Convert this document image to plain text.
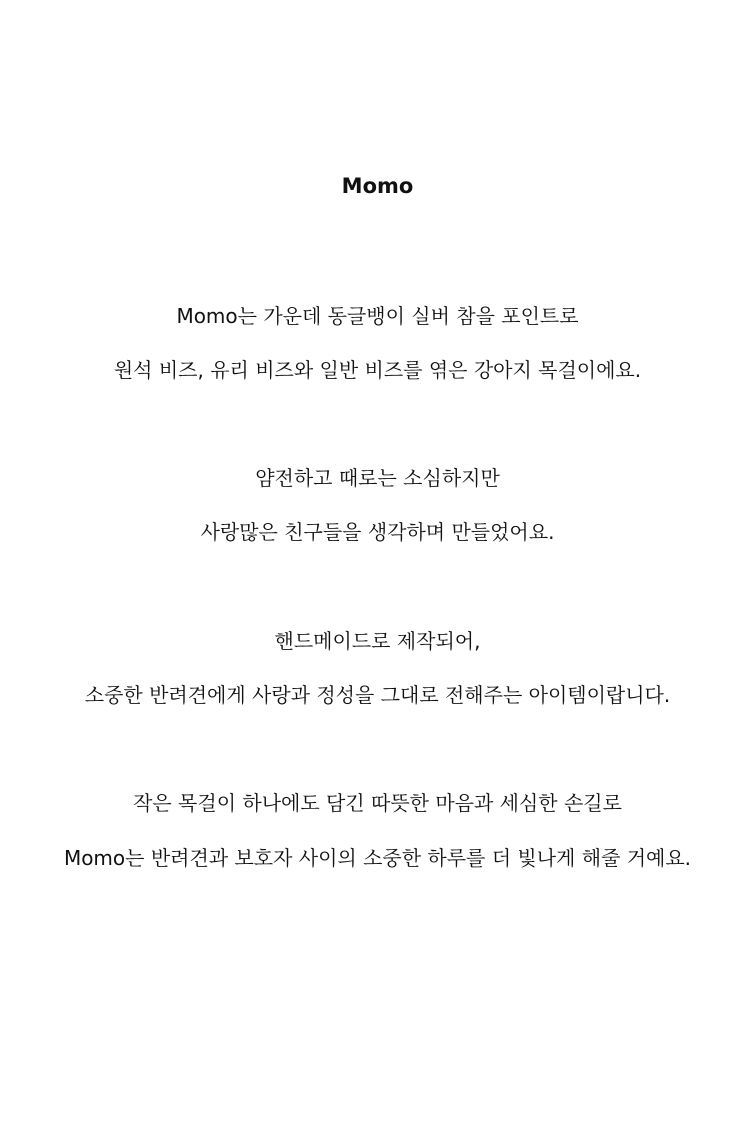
Momo
Momo는 가운데 동글뱅이 실버 참을 포인트로
원석 비즈, 유리 비즈와 일반 비즈를 엮은 강아지 목걸이에요.
얌전하고 때로는 소심하지만
사랑많은 친구들을 생각하며 만들었어요.
핸드메이드로 제작되어,
소중한 반려견에게 사랑과 정성을 그대로 전해주는 아이템이랍니다.
작은 목걸이 하나에도 담긴 따뜻한 마음과 세심한 손길로
Momo는 반려견과 보호자 사이의 소중한 하루를 더 빛나게 해줄 거예요.
